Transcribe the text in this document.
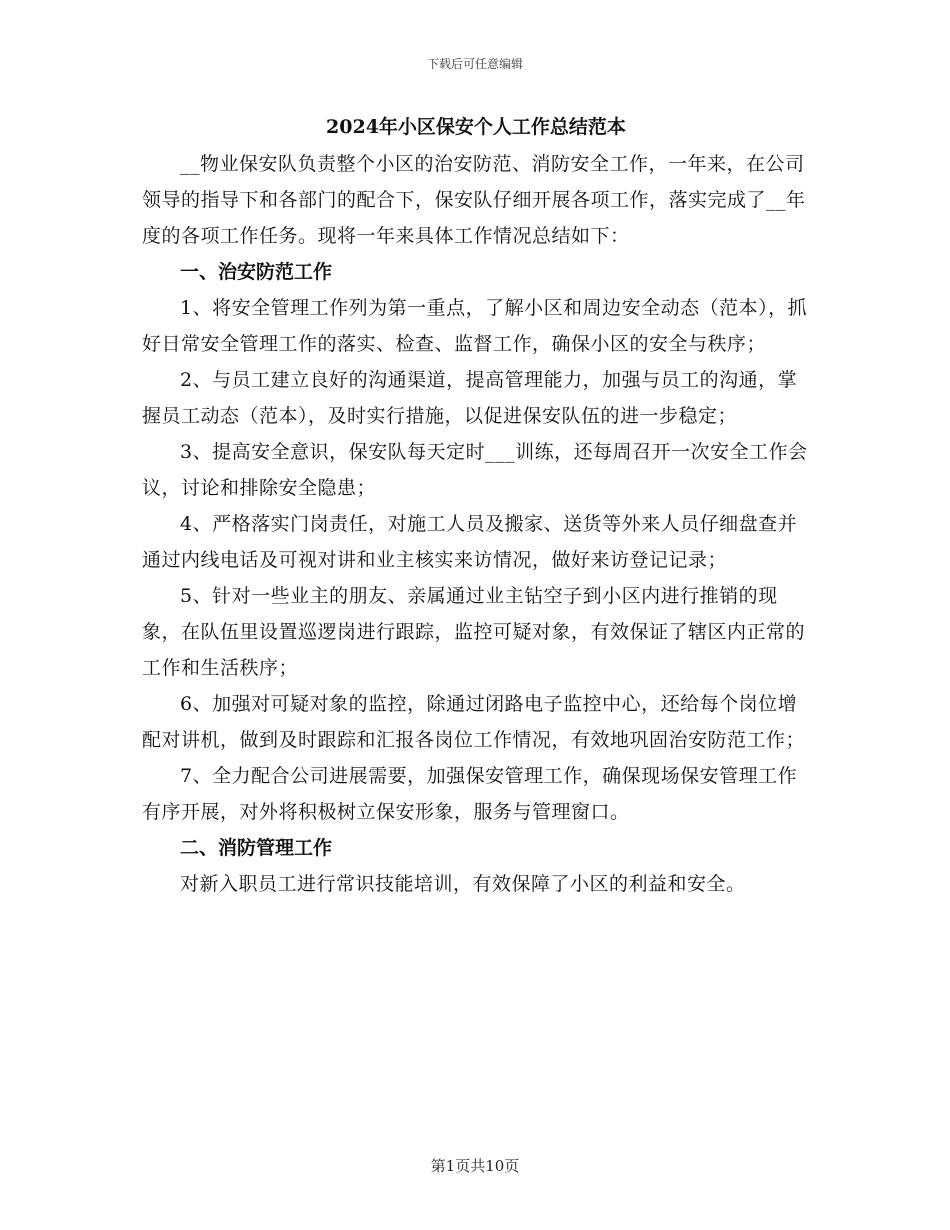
下载后可任意编辑
2024年小区保安个人工作总结范本

__物业保安队负责整个小区的治安防范、消防安全工作，一年来，在公司领导的指导下和各部门的配合下，保安队仔细开展各项工作，落实完成了__年度的各项工作任务。现将一年来具体工作情况总结如下：

一、治安防范工作

1、将安全管理工作列为第一重点，了解小区和周边安全动态（范本），抓好日常安全管理工作的落实、检查、监督工作，确保小区的安全与秩序；

2、与员工建立良好的沟通渠道，提高管理能力，加强与员工的沟通，掌握员工动态（范本），及时实行措施，以促进保安队伍的进一步稳定；

3、提高安全意识，保安队每天定时___训练，还每周召开一次安全工作会议，讨论和排除安全隐患；

4、严格落实门岗责任，对施工人员及搬家、送货等外来人员仔细盘查并通过内线电话及可视对讲和业主核实来访情况，做好来访登记记录；

5、针对一些业主的朋友、亲属通过业主钻空子到小区内进行推销的现象，在队伍里设置巡逻岗进行跟踪，监控可疑对象，有效保证了辖区内正常的工作和生活秩序；

6、加强对可疑对象的监控，除通过闭路电子监控中心，还给每个岗位增配对讲机，做到及时跟踪和汇报各岗位工作情况，有效地巩固治安防范工作；

7、全力配合公司进展需要，加强保安管理工作，确保现场保安管理工作有序开展，对外将积极树立保安形象，服务与管理窗口。

二、消防管理工作

对新入职员工进行常识技能培训，有效保障了小区的利益和安全。

第1页共10页
